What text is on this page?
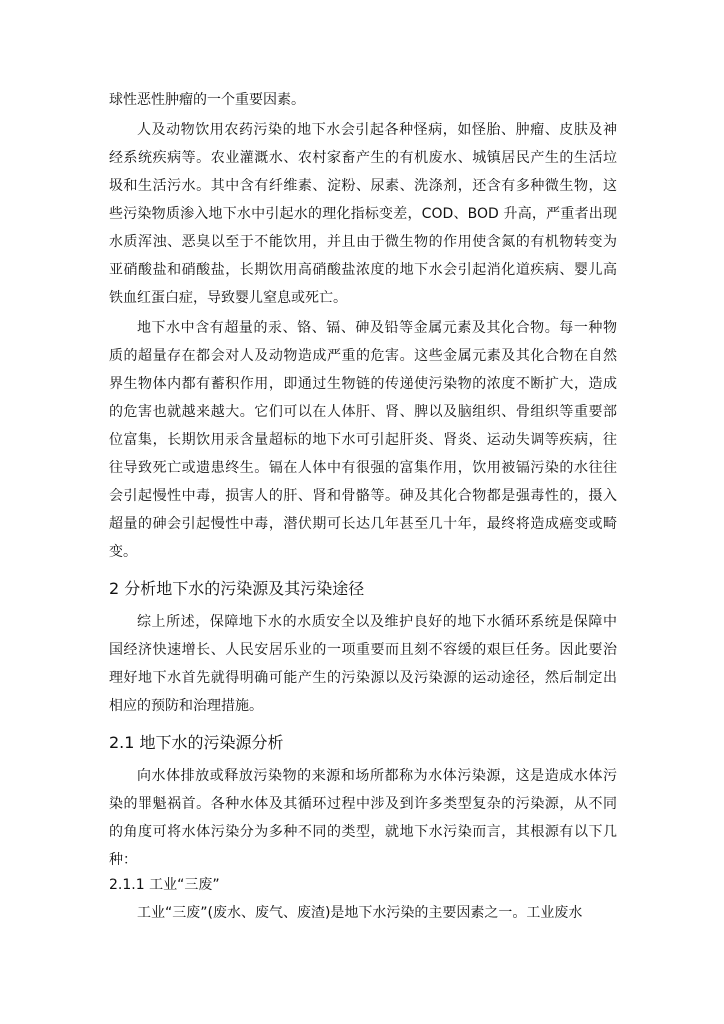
球性恶性肿瘤的一个重要因素。
人及动物饮用农药污染的地下水会引起各种怪病，如怪胎、肿瘤、皮肤及神
经系统疾病等。农业灌溉水、农村家畜产生的有机废水、城镇居民产生的生活垃
圾和生活污水。其中含有纤维素、淀粉、尿素、洗涤剂，还含有多种微生物，这
些污染物质渗入地下水中引起水的理化指标变差，COD、BOD 升高，严重者出现
水质浑浊、恶臭以至于不能饮用，并且由于微生物的作用使含氮的有机物转变为
亚硝酸盐和硝酸盐，长期饮用高硝酸盐浓度的地下水会引起消化道疾病、婴儿高
铁血红蛋白症，导致婴儿窒息或死亡。
地下水中含有超量的汞、铬、镉、砷及铅等金属元素及其化合物。每一种物
质的超量存在都会对人及动物造成严重的危害。这些金属元素及其化合物在自然
界生物体内都有蓄积作用，即通过生物链的传递使污染物的浓度不断扩大，造成
的危害也就越来越大。它们可以在人体肝、肾、脾以及脑组织、骨组织等重要部
位富集，长期饮用汞含量超标的地下水可引起肝炎、肾炎、运动失调等疾病，往
往导致死亡或遗患终生。镉在人体中有很强的富集作用，饮用被镉污染的水往往
会引起慢性中毒，损害人的肝、肾和骨骼等。砷及其化合物都是强毒性的，摄入
超量的砷会引起慢性中毒，潜伏期可长达几年甚至几十年，最终将造成癌变或畸
变。
2 分析地下水的污染源及其污染途径
综上所述，保障地下水的水质安全以及维护良好的地下水循环系统是保障中
国经济快速增长、人民安居乐业的一项重要而且刻不容缓的艰巨任务。因此要治
理好地下水首先就得明确可能产生的污染源以及污染源的运动途径，然后制定出
相应的预防和治理措施。
2.1 地下水的污染源分析
向水体排放或释放污染物的来源和场所都称为水体污染源，这是造成水体污
染的罪魁祸首。各种水体及其循环过程中涉及到许多类型复杂的污染源，从不同
的角度可将水体污染分为多种不同的类型，就地下水污染而言，其根源有以下几
种：
2.1.1 工业“三废”
工业“三废”(废水、废气、废渣)是地下水污染的主要因素之一。工业废水
